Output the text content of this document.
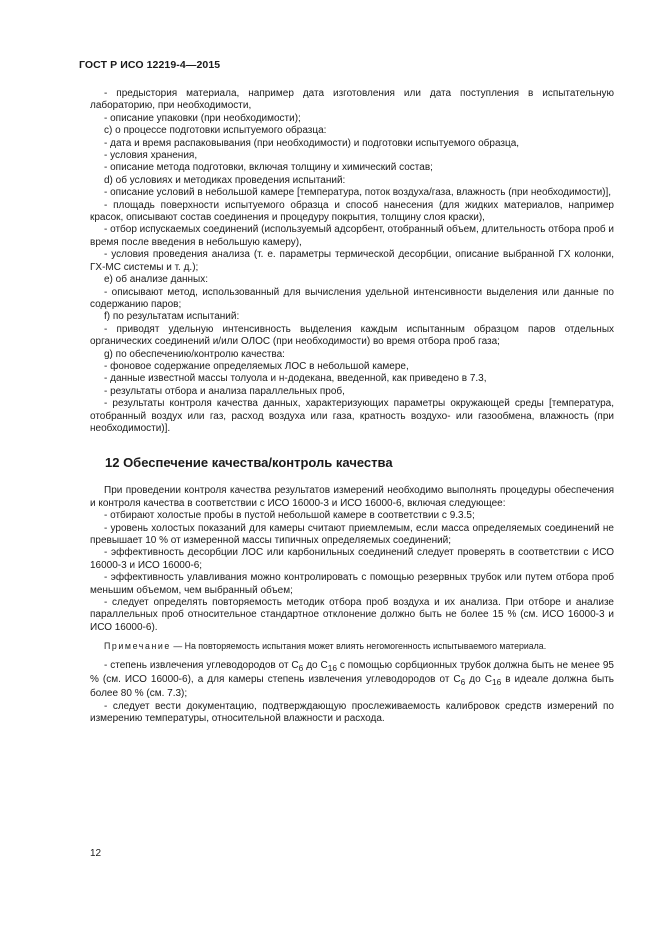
ГОСТ Р ИСО 12219-4—2015

- предыстория материала, например дата изготовления или дата поступления в испытательную лабораторию, при необходимости,

- описание упаковки (при необходимости);

c) о процессе подготовки испытуемого образца:

- дата и время распаковывания (при необходимости) и подготовки испытуемого образца,

- условия хранения,

- описание метода подготовки, включая толщину и химический состав;

d) об условиях и методиках проведения испытаний:

- описание условий в небольшой камере [температура, поток воздуха/газа, влажность (при необходимости)],

- площадь поверхности испытуемого образца и способ нанесения (для жидких материалов, например красок, описывают состав соединения и процедуру покрытия, толщину слоя краски),

- отбор испускаемых соединений (используемый адсорбент, отобранный объем, длительность отбора проб и время после введения в небольшую камеру),

- условия проведения анализа (т. е. параметры термической десорбции, описание выбранной ГХ колонки, ГХ-МС системы и т. д.);

e) об анализе данных:

- описывают метод, использованный для вычисления удельной интенсивности выделения или данные по содержанию паров;

f) по результатам испытаний:

- приводят удельную интенсивность выделения каждым испытанным образцом паров отдельных органических соединений и/или ОЛОС (при необходимости) во время отбора проб газа;

g) по обеспечению/контролю качества:

- фоновое содержание определяемых ЛОС в небольшой камере,

- данные известной массы толуола и н-додекана, введенной, как приведено в 7.3,

- результаты отбора и анализа параллельных проб,

- результаты контроля качества данных, характеризующих параметры окружающей среды [температура, отобранный воздух или газ, расход воздуха или газа, кратность воздухо- или газообмена, влажность (при необходимости)].

12 Обеспечение качества/контроль качества

При проведении контроля качества результатов измерений необходимо выполнять процедуры обеспечения и контроля качества в соответствии с ИСО 16000-3 и ИСО 16000-6, включая следующее:

- отбирают холостые пробы в пустой небольшой камере в соответствии с 9.3.5;

- уровень холостых показаний для камеры считают приемлемым, если масса определяемых соединений не превышает 10 % от измеренной массы типичных определяемых соединений;

- эффективность десорбции ЛОС или карбонильных соединений следует проверять в соответствии с ИСО 16000-3 и ИСО 16000-6;

- эффективность улавливания можно контролировать с помощью резервных трубок или путем отбора проб меньшим объемом, чем выбранный объем;

- следует определять повторяемость методик отбора проб воздуха и их анализа. При отборе и анализе параллельных проб относительное стандартное отклонение должно быть не более 15 % (см. ИСО 16000-3 и ИСО 16000-6).

Примечание — На повторяемость испытания может влиять негомогенность испытываемого материала.

- степень извлечения углеводородов от $C_6$ до $C_{16}$ с помощью сорбционных трубок должна быть не менее 95 % (см. ИСО 16000-6), а для камеры степень извлечения углеводородов от $C_6$ до $C_{16}$ в идеале должна быть более 80 % (см. 7.3);

- следует вести документацию, подтверждающую прослеживаемость калибровок средств измерений по измерению температуры, относительной влажности и расхода.

12
